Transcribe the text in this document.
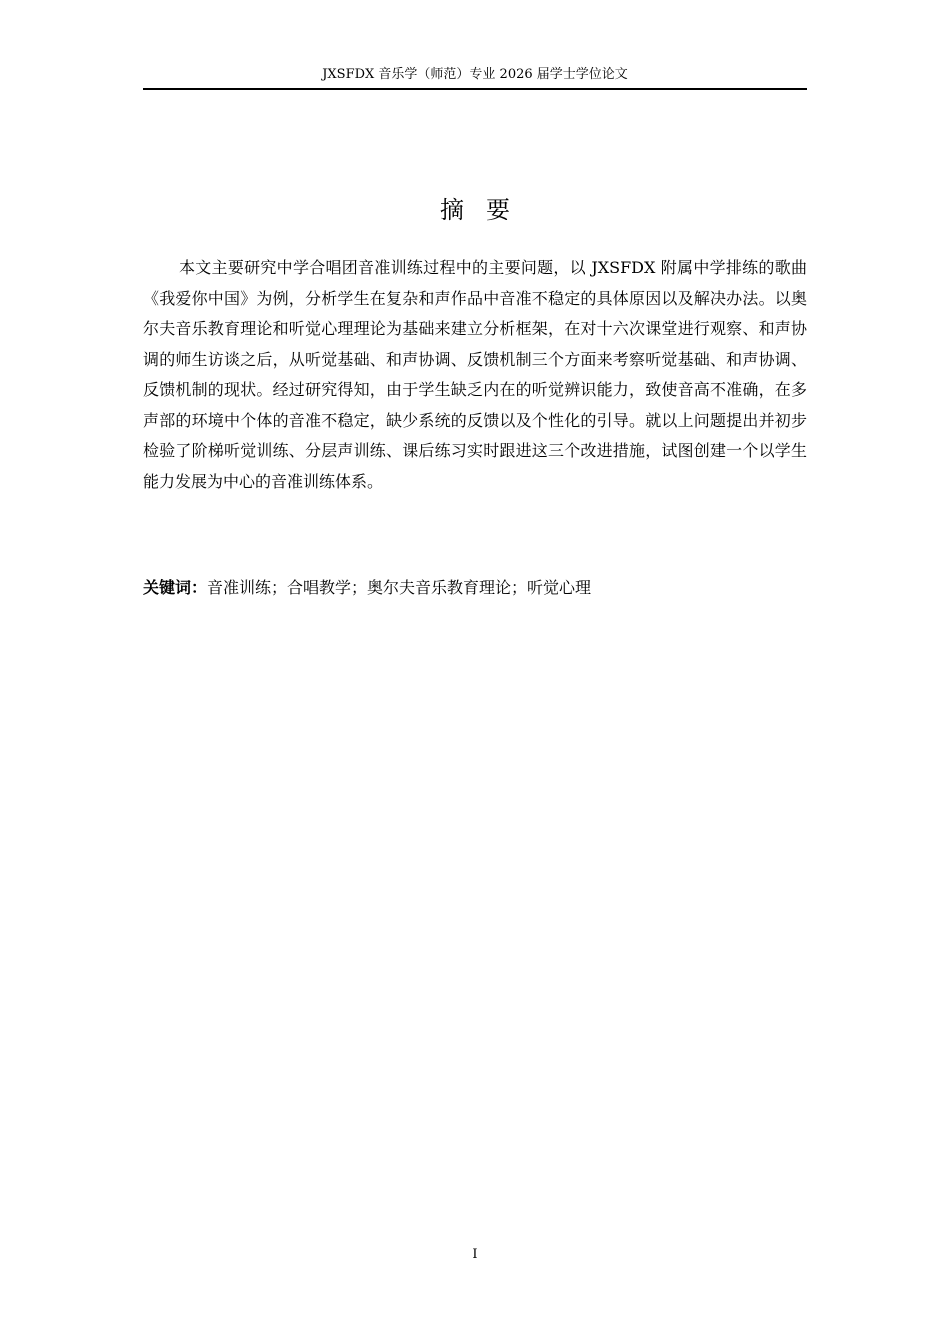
JXSFDX 音乐学（师范）专业 2026 届学士学位论文
摘要

本文主要研究中学合唱团音准训练过程中的主要问题，以 JXSFDX 附属中学排练的歌曲《我爱你中国》为例，分析学生在复杂和声作品中音准不稳定的具体原因以及解决办法。以奥尔夫音乐教育理论和听觉心理理论为基础来建立分析框架，在对十六次课堂进行观察、和声协调的师生访谈之后，从听觉基础、和声协调、反馈机制三个方面来考察听觉基础、和声协调、反馈机制的现状。经过研究得知，由于学生缺乏内在的听觉辨识能力，致使音高不准确，在多声部的环境中个体的音准不稳定，缺少系统的反馈以及个性化的引导。就以上问题提出并初步检验了阶梯听觉训练、分层声训练、课后练习实时跟进这三个改进措施，试图创建一个以学生能力发展为中心的音准训练体系。

关键词：音准训练；合唱教学；奥尔夫音乐教育理论；听觉心理
I
